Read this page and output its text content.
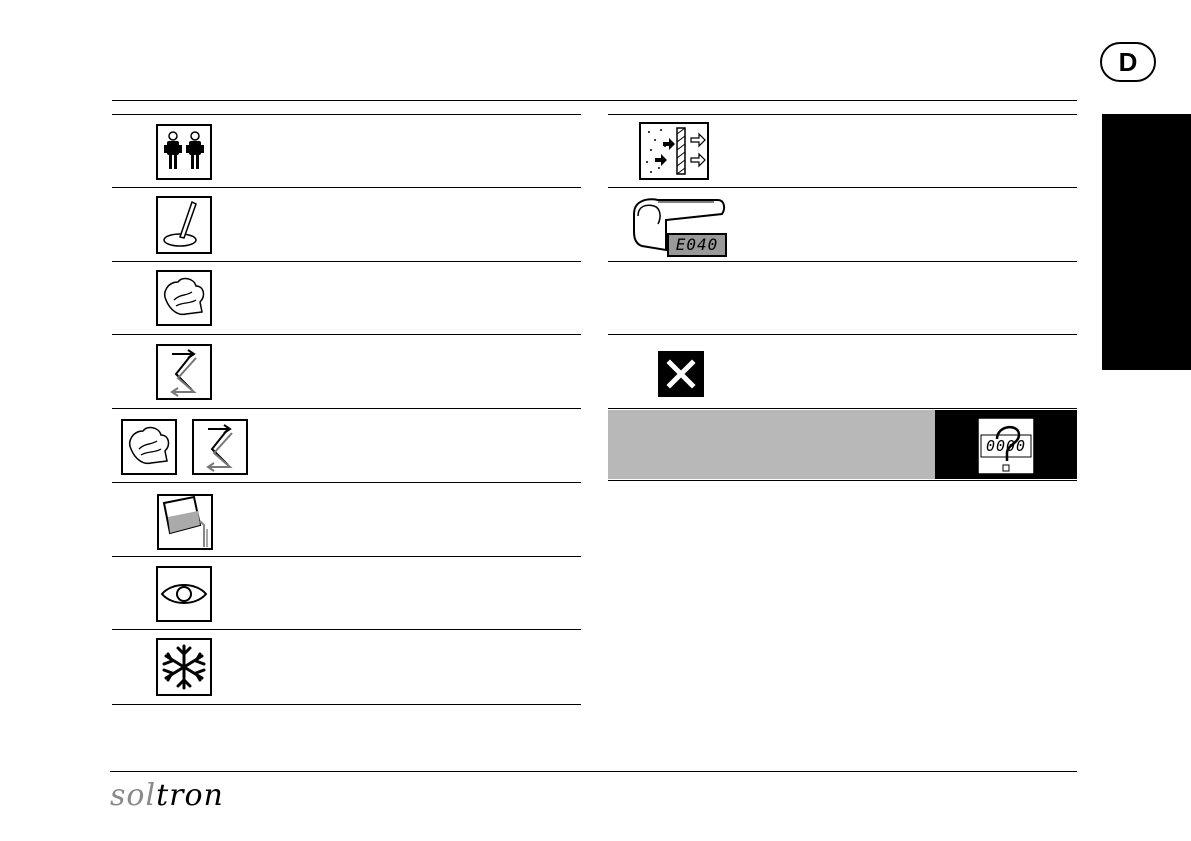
D
E040
0000
soltron
